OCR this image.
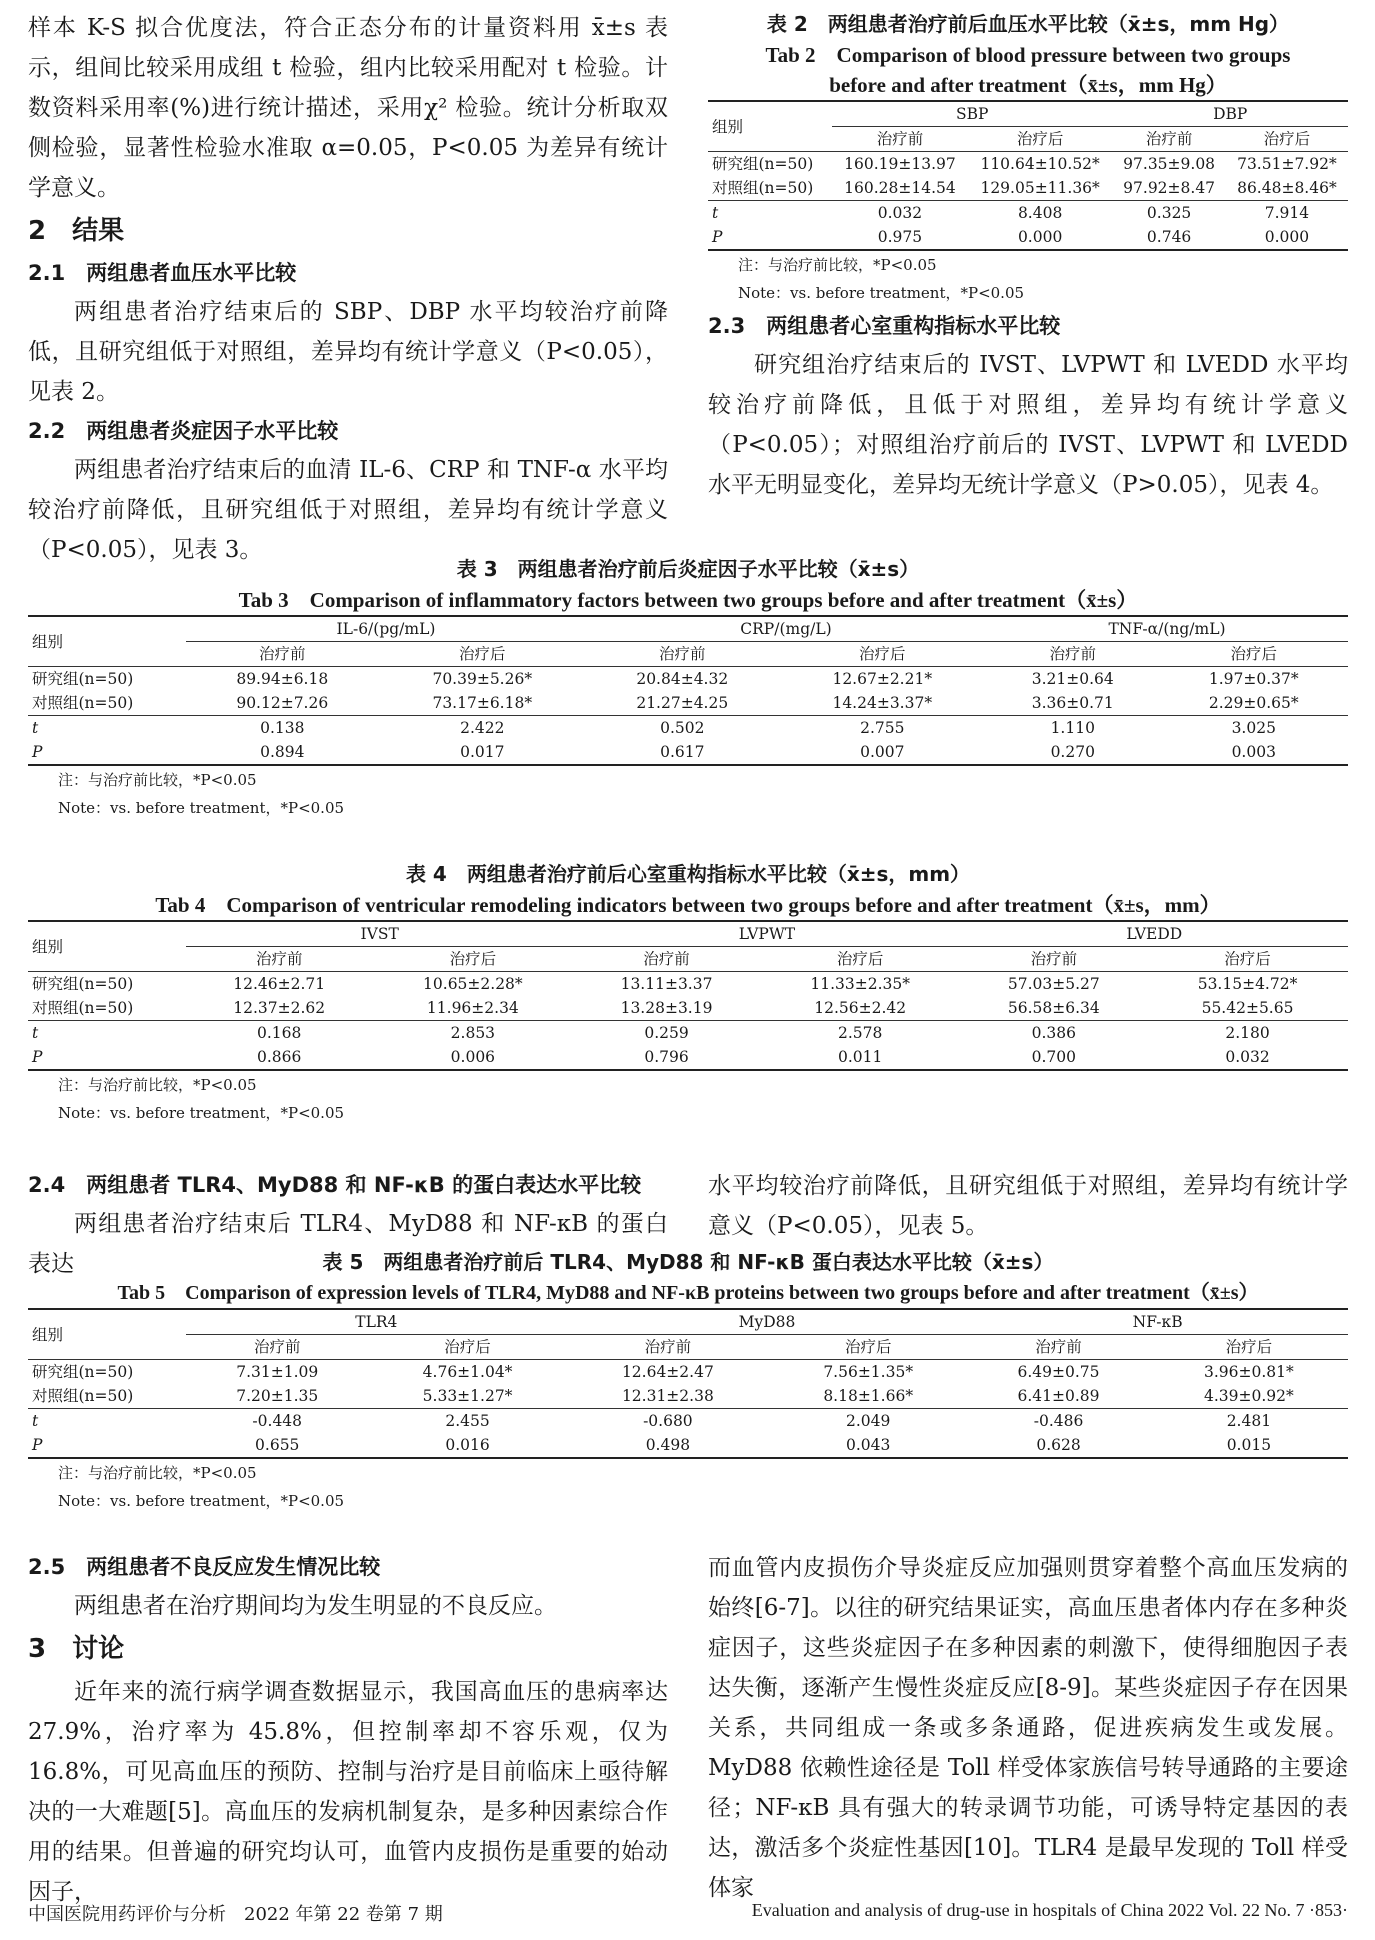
样本 K-S 拟合优度法，符合正态分布的计量资料用 x̄±s 表示，组间比较采用成组 t 检验，组内比较采用配对 t 检验。计数资料采用率(%)进行统计描述，采用χ² 检验。统计分析取双侧检验，显著性检验水准取 α=0.05，P<0.05 为差异有统计学意义。

2　结果
2.1　两组患者血压水平比较

两组患者治疗结束后的 SBP、DBP 水平均较治疗前降低，且研究组低于对照组，差异均有统计学意义（P<0.05），见表 2。

2.2　两组患者炎症因子水平比较

两组患者治疗结束后的血清 IL-6、CRP 和 TNF-α 水平均较治疗前降低，且研究组低于对照组，差异均有统计学意义（P<0.05），见表 3。

表 2　两组患者治疗前后血压水平比较（x̄±s，mm Hg）
Tab 2　Comparison of blood pressure between two groups
before and after treatment（x̄±s，mm Hg）
组别	SBP		DBP	
	治疗前	治疗后	治疗前	治疗后
研究组(n=50)	160.19±13.97	110.64±10.52*	97.35±9.08	73.51±7.92*
对照组(n=50)	160.28±14.54	129.05±11.36*	97.92±8.47	86.48±8.46*
t	0.032	8.408	0.325	7.914
P	0.975	0.000	0.746	0.000
注：与治疗前比较，*P<0.05
Note：vs. before treatment，*P<0.05
2.3　两组患者心室重构指标水平比较

研究组治疗结束后的 IVST、LVPWT 和 LVEDD 水平均较治疗前降低，且低于对照组，差异均有统计学意义（P<0.05）；对照组治疗前后的 IVST、LVPWT 和 LVEDD 水平无明显变化，差异均无统计学意义（P>0.05），见表 4。

表 3　两组患者治疗前后炎症因子水平比较（x̄±s）
Tab 3　Comparison of inflammatory factors between two groups before and after treatment（x̄±s）
组别	IL-6/(pg/mL)		CRP/(mg/L)		TNF-α/(ng/mL)	
	治疗前	治疗后	治疗前	治疗后	治疗前	治疗后
研究组(n=50)	89.94±6.18	70.39±5.26*	20.84±4.32	12.67±2.21*	3.21±0.64	1.97±0.37*
对照组(n=50)	90.12±7.26	73.17±6.18*	21.27±4.25	14.24±3.37*	3.36±0.71	2.29±0.65*
t	0.138	2.422	0.502	2.755	1.110	3.025
P	0.894	0.017	0.617	0.007	0.270	0.003
注：与治疗前比较，*P<0.05
Note：vs. before treatment，*P<0.05
表 4　两组患者治疗前后心室重构指标水平比较（x̄±s，mm）
Tab 4　Comparison of ventricular remodeling indicators between two groups before and after treatment（x̄±s，mm）
组别	IVST		LVPWT		LVEDD	
	治疗前	治疗后	治疗前	治疗后	治疗前	治疗后
研究组(n=50)	12.46±2.71	10.65±2.28*	13.11±3.37	11.33±2.35*	57.03±5.27	53.15±4.72*
对照组(n=50)	12.37±2.62	11.96±2.34	13.28±3.19	12.56±2.42	56.58±6.34	55.42±5.65
t	0.168	2.853	0.259	2.578	0.386	2.180
P	0.866	0.006	0.796	0.011	0.700	0.032
注：与治疗前比较，*P<0.05
Note：vs. before treatment，*P<0.05
2.4　两组患者 TLR4、MyD88 和 NF-κB 的蛋白表达水平比较

两组患者治疗结束后 TLR4、MyD88 和 NF-κB 的蛋白表达

水平均较治疗前降低，且研究组低于对照组，差异均有统计学意义（P<0.05），见表 5。

表 5　两组患者治疗前后 TLR4、MyD88 和 NF-κB 蛋白表达水平比较（x̄±s）
Tab 5　Comparison of expression levels of TLR4, MyD88 and NF-κB proteins between two groups before and after treatment（x̄±s）
组别	TLR4		MyD88		NF-κB	
	治疗前	治疗后	治疗前	治疗后	治疗前	治疗后
研究组(n=50)	7.31±1.09	4.76±1.04*	12.64±2.47	7.56±1.35*	6.49±0.75	3.96±0.81*
对照组(n=50)	7.20±1.35	5.33±1.27*	12.31±2.38	8.18±1.66*	6.41±0.89	4.39±0.92*
t	-0.448	2.455	-0.680	2.049	-0.486	2.481
P	0.655	0.016	0.498	0.043	0.628	0.015
注：与治疗前比较，*P<0.05
Note：vs. before treatment，*P<0.05
2.5　两组患者不良反应发生情况比较

两组患者在治疗期间均为发生明显的不良反应。

3　讨论

近年来的流行病学调查数据显示，我国高血压的患病率达27.9%，治疗率为 45.8%，但控制率却不容乐观，仅为 16.8%，可见高血压的预防、控制与治疗是目前临床上亟待解决的一大难题[5]。高血压的发病机制复杂，是多种因素综合作用的结果。但普遍的研究均认可，血管内皮损伤是重要的始动因子，

而血管内皮损伤介导炎症反应加强则贯穿着整个高血压发病的始终[6-7]。以往的研究结果证实，高血压患者体内存在多种炎症因子，这些炎症因子在多种因素的刺激下，使得细胞因子表达失衡，逐渐产生慢性炎症反应[8-9]。某些炎症因子存在因果关系，共同组成一条或多条通路，促进疾病发生或发展。MyD88 依赖性途径是 Toll 样受体家族信号转导通路的主要途径；NF-κB 具有强大的转录调节功能，可诱导特定基因的表达，激活多个炎症性基因[10]。TLR4 是最早发现的 Toll 样受体家

中国医院用药评价与分析　2022 年第 22 卷第 7 期	Evaluation and analysis of drug-use in hospitals of China 2022 Vol. 22 No. 7 ·853·
